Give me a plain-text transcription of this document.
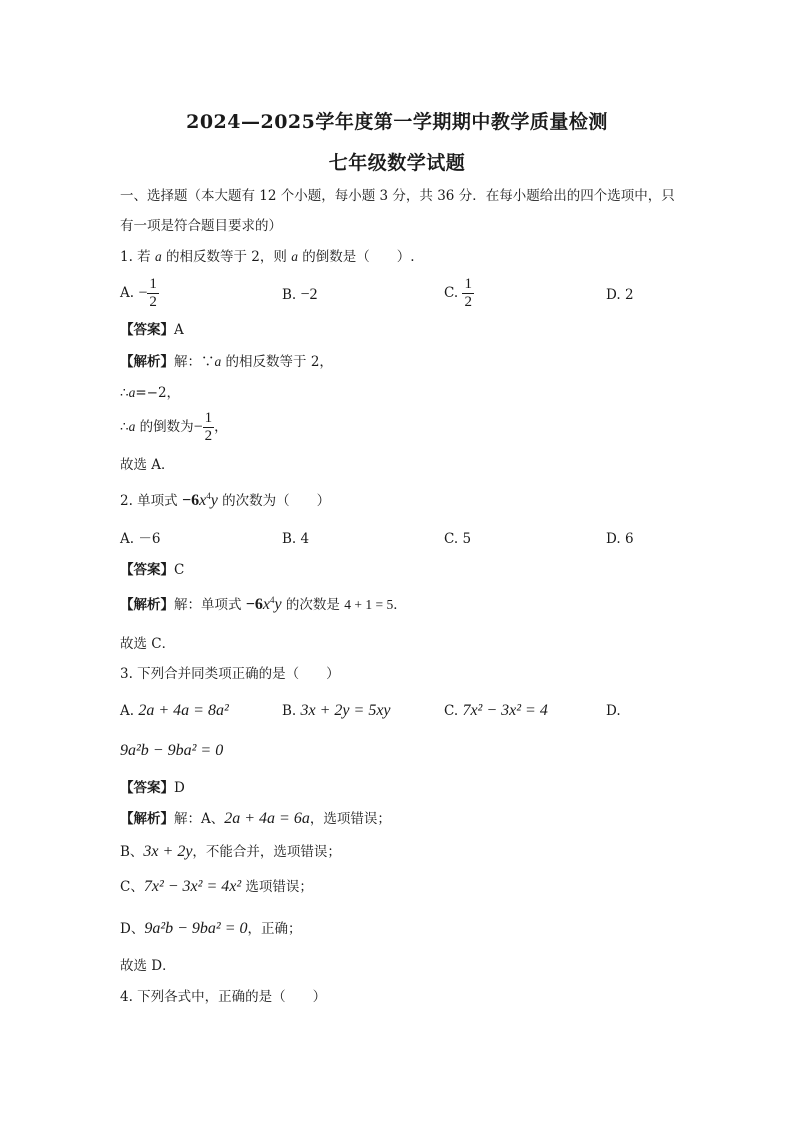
2024—2025学年度第一学期期中教学质量检测
七年级数学试题
一、选择题（本大题有 12 个小题，每小题 3 分，共 36 分．在每小题给出的四个选项中，只
有一项是符合题目要求的）
1. 若 a 的相反数等于 2，则 a 的倒数是（　　）.
A. − $\frac{1}{2}$	B. −2	C. $\frac{1}{2}$	D. 2
【答案】A
【解析】解：∵a 的相反数等于 2，
∴a=−2，
∴a 的倒数为− $\frac{1}{2}$ ，
故选 A．
2. 单项式 $-6x^4y$ 的次数为（　　）
A. －6	B. 4	C. 5	D. 6
【答案】C
【解析】解：单项式 $-6x^4y$ 的次数是 4 + 1 = 5．
故选 C．
3. 下列合并同类项正确的是（　　）
A. 2a + 4a = 8a²	B. 3x + 2y = 5xy	C. 7x² − 3x² = 4	D.
9a²b − 9ba² = 0
【答案】D
【解析】解：A、2a + 4a = 6a，选项错误；
B、3x + 2y，不能合并，选项错误；
C、7x² − 3x² = 4x² 选项错误；
D、9a²b − 9ba² = 0，正确；
故选 D．
4. 下列各式中，正确的是（　　）
